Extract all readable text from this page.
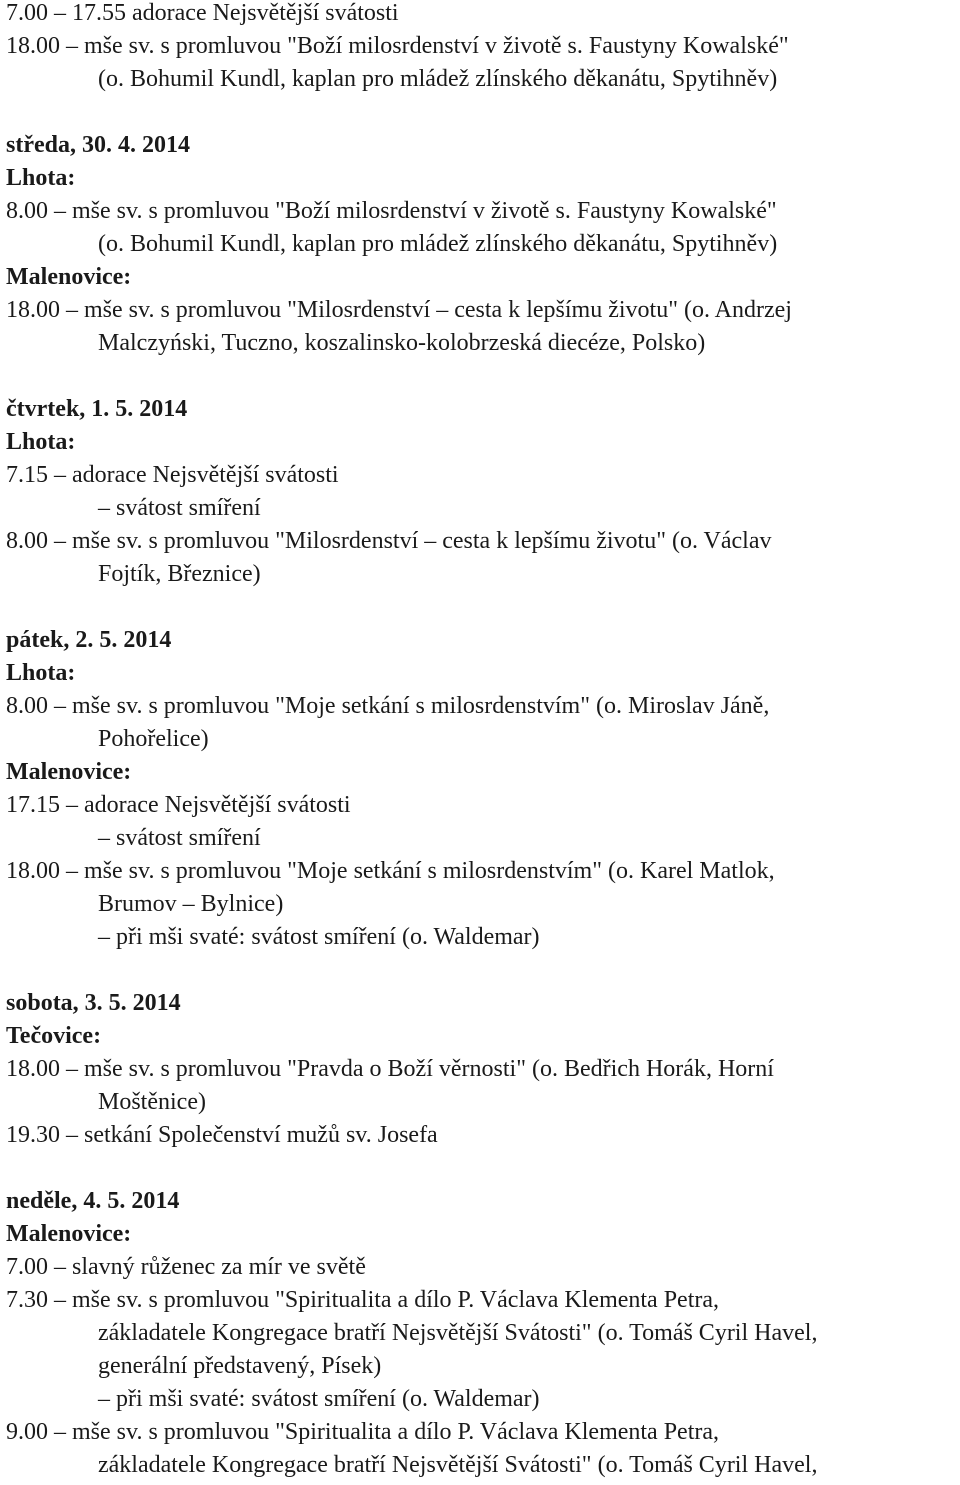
7.00 – 17.55 adorace Nejsvětější svátosti
18.00 – mše sv. s promluvou "Boží milosrdenství v životě s. Faustyny Kowalské"
(o. Bohumil Kundl, kaplan pro mládež zlínského děkanátu, Spytihněv)
středa, 30. 4. 2014
Lhota:
8.00 – mše sv. s promluvou "Boží milosrdenství v životě s. Faustyny Kowalské"
(o. Bohumil Kundl, kaplan pro mládež zlínského děkanátu, Spytihněv)
Malenovice:
18.00 – mše sv. s promluvou "Milosrdenství – cesta k lepšímu životu" (o. Andrzej
Malczyński, Tuczno, koszalinsko-kolobrzeská diecéze, Polsko)
čtvrtek, 1. 5. 2014
Lhota:
7.15 – adorace Nejsvětější svátosti
– svátost smíření
8.00 – mše sv. s promluvou "Milosrdenství – cesta k lepšímu životu" (o. Václav
Fojtík, Březnice)
pátek, 2. 5. 2014
Lhota:
8.00 – mše sv. s promluvou "Moje setkání s milosrdenstvím" (o. Miroslav Jáně,
Pohořelice)
Malenovice:
17.15 – adorace Nejsvětější svátosti
– svátost smíření
18.00 – mše sv. s promluvou "Moje setkání s milosrdenstvím" (o. Karel Matlok,
Brumov – Bylnice)
– při mši svaté: svátost smíření (o. Waldemar)
sobota, 3. 5. 2014
Tečovice:
18.00 – mše sv. s promluvou "Pravda o Boží věrnosti" (o. Bedřich Horák, Horní
Moštěnice)
19.30 – setkání Společenství mužů sv. Josefa
neděle, 4. 5. 2014
Malenovice:
7.00 – slavný růženec za mír ve světě
7.30 – mše sv. s promluvou "Spiritualita a dílo P. Václava Klementa Petra,
základatele Kongregace bratří Nejsvětější Svátosti" (o. Tomáš Cyril Havel,
generální představený, Písek)
– při mši svaté: svátost smíření (o. Waldemar)
9.00 – mše sv. s promluvou "Spiritualita a dílo P. Václava Klementa Petra,
základatele Kongregace bratří Nejsvětější Svátosti" (o. Tomáš Cyril Havel,
